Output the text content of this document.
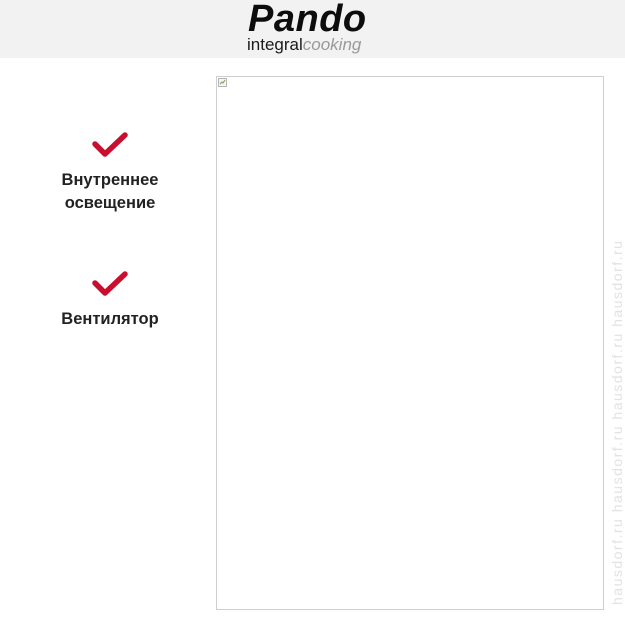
Pando
integralcooking
Внутреннее освещение
Вентилятор	hausdorf.ru hausdorf.ru hausdorf.ru hausdorf.ru
